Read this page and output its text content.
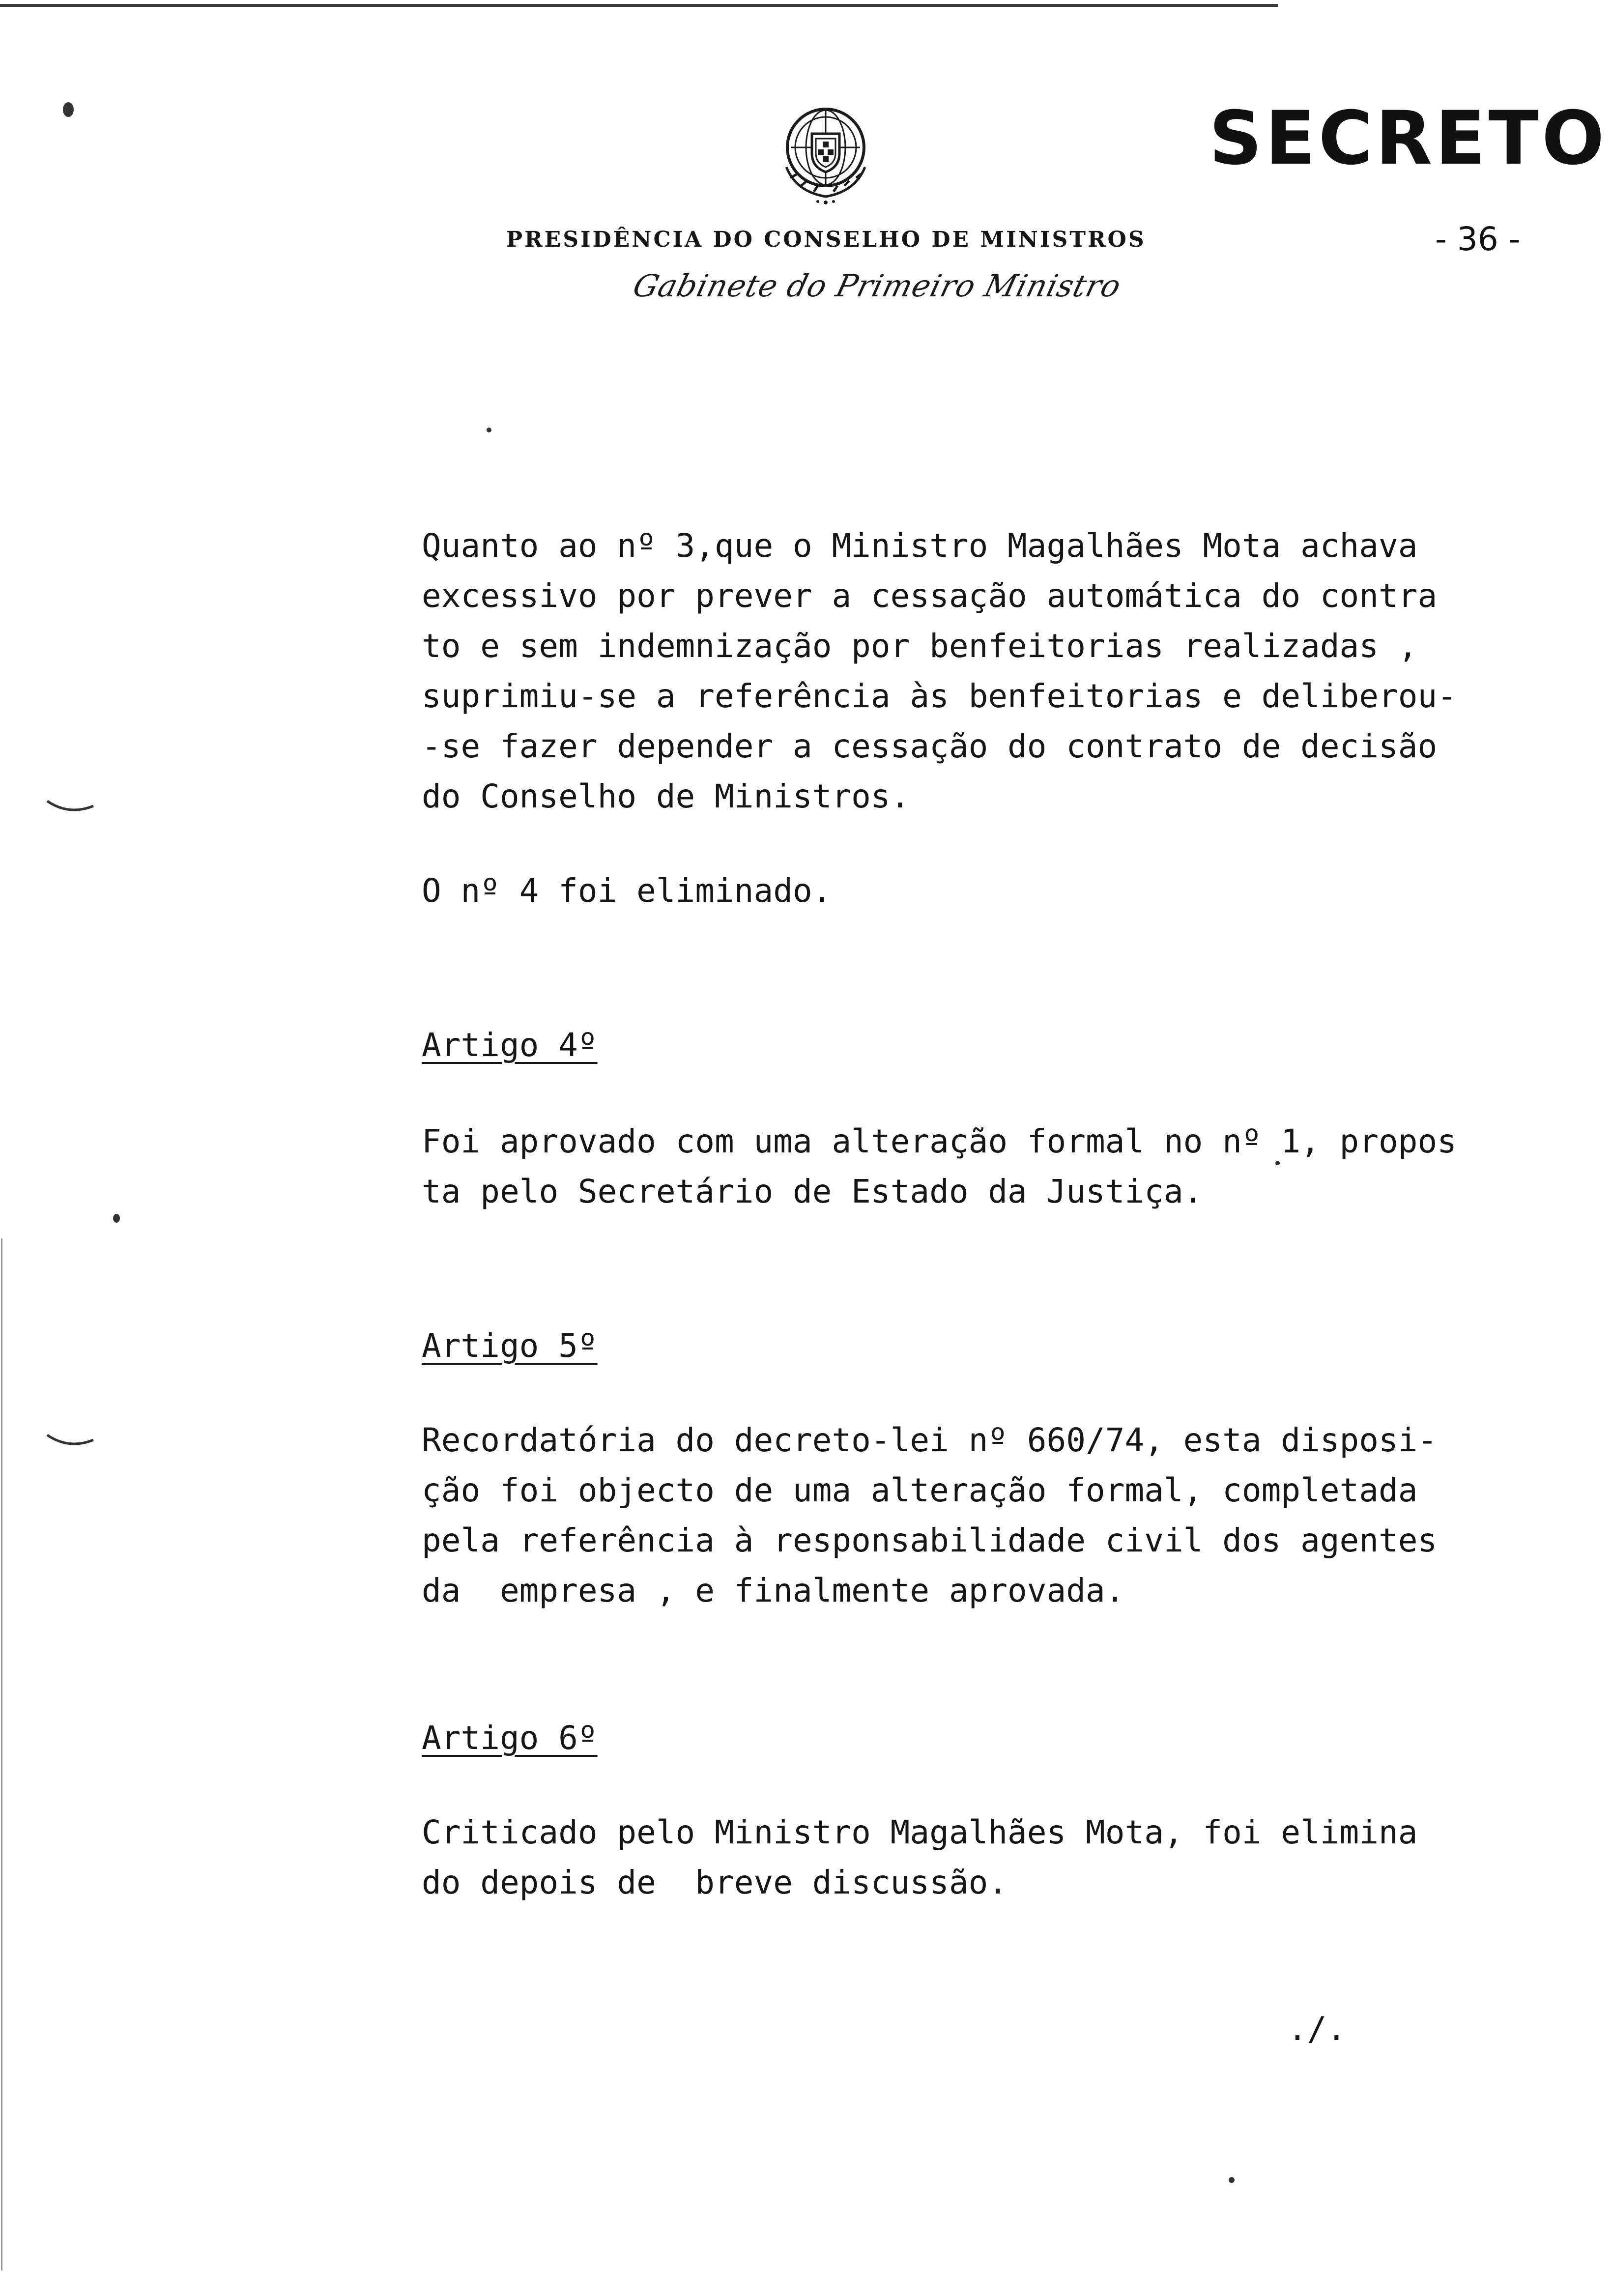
SECRETO
PRESIDÊNCIA DO CONSELHO DE MINISTROS
Gabinete do Primeiro Ministro
- 36 -
Quanto ao nº 3,que o Ministro Magalhães Mota achava
excessivo por prever a cessação automática do contra
to e sem indemnização por benfeitorias realizadas ,
suprimiu-se a referência às benfeitorias e deliberou-
-se fazer depender a cessação do contrato de decisão
do Conselho de Ministros.
O nº 4 foi eliminado.
Artigo 4º
Foi aprovado com uma alteração formal no nº 1, propos
ta pelo Secretário de Estado da Justiça.
Artigo 5º
Recordatória do decreto-lei nº 660/74, esta disposi-
ção foi objecto de uma alteração formal, completada
pela referência à responsabilidade civil dos agentes
da  empresa , e finalmente aprovada.
Artigo 6º
Criticado pelo Ministro Magalhães Mota, foi elimina
do depois de  breve discussão.
./.
